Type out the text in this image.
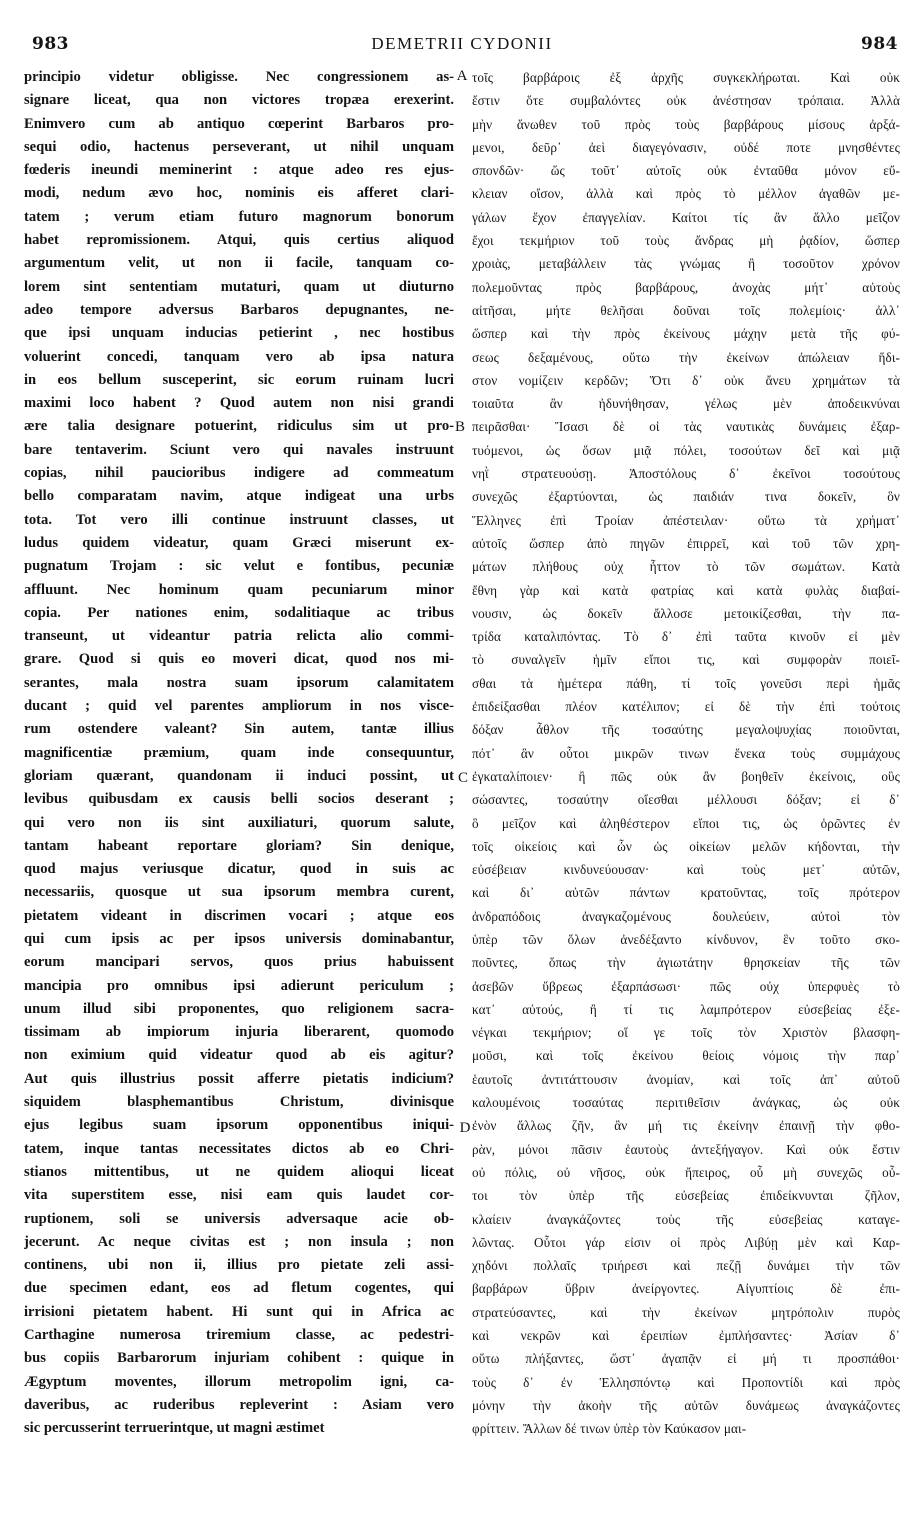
983	DEMETRII CYDONII	984
principio videtur obligisse. Nec congressionem as-
signare liceat, qua non victores tropæa erexerint.
Enimvero cum ab antiquo cœperint Barbaros pro-
sequi odio, hactenus perseverant, ut nihil unquam
fœderis ineundi meminerint : atque adeo res ejus-
modi, nedum ævo hoc, nominis eis afferet clari-
tatem ; verum etiam futuro magnorum bonorum
habet repromissionem. Atqui, quis certius aliquod
argumentum velit, ut non ii facile, tanquam co-
lorem sint sententiam mutaturi, quam ut diuturno
adeo tempore adversus Barbaros depugnantes, ne-
que ipsi unquam inducias petierint , nec hostibus
voluerint concedi, tanquam vero ab ipsa natura
in eos bellum susceperint, sic eorum ruinam lucri
maximi loco habent ? Quod autem non nisi grandi
ære talia designare potuerint, ridiculus sim ut pro-
bare tentaverim. Sciunt vero qui navales instruunt
copias, nihil paucioribus indigere ad commeatum
bello comparatam navim, atque indigeat una urbs
tota. Tot vero illi continue instruunt classes, ut
ludus quidem videatur, quam Græci miserunt ex-
pugnatum Trojam : sic velut e fontibus, pecuniæ
affluunt. Nec hominum quam pecuniarum minor
copia. Per nationes enim, sodalitiaque ac tribus
transeunt, ut videantur patria relicta alio commi-
grare. Quod si quis eo moveri dicat, quod nos mi-
serantes, mala nostra suam ipsorum calamitatem
ducant ; quid vel parentes ampliorum in nos visce-
rum ostendere valeant? Sin autem, tantæ illius
magnificentiæ præmium, quam inde consequuntur,
gloriam quærant, quandonam ii induci possint, ut
levibus quibusdam ex causis belli socios deserant ;
qui vero non iis sint auxiliaturi, quorum salute,
tantam habeant reportare gloriam? Sin denique,
quod majus veriusque dicatur, quod in suis ac
necessariis, quosque ut sua ipsorum membra curent,
pietatem videant in discrimen vocari ; atque eos
qui cum ipsis ac per ipsos universis dominabantur,
eorum mancipari servos, quos prius habuissent
mancipia pro omnibus ipsi adierunt periculum ;
unum illud sibi proponentes, quo religionem sacra-
tissimam ab impiorum injuria liberarent, quomodo
non eximium quid videatur quod ab eis agitur?
Aut quis illustrius possit afferre pietatis indicium?
siquidem blasphemantibus Christum, divinisque
ejus legibus suam ipsorum opponentibus iniqui-
tatem, inque tantas necessitates dictos ab eo Chri-
stianos mittentibus, ut ne quidem alioqui liceat
vita superstitem esse, nisi eam quis laudet cor-
ruptionem, soli se universis adversaque acie ob-
jecerunt. Ac neque civitas est ; non insula ; non
continens, ubi non ii, illius pro pietate zeli assi-
due specimen edant, eos ad fletum cogentes, qui
irrisioni pietatem habent. Hi sunt qui in Africa ac
Carthagine numerosa triremium classe, ac pedestri-
bus copiis Barbarorum injuriam cohibent : quique in
Ægyptum moventes, illorum metropolim igni, ca-
daveribus, ac ruderibus repleverint : Asiam vero
sic percusserint terruerintque, ut magni æstimet
τοῖς βαρβάροις ἐξ ἀρχῆς συγκεκλήρωται. Καὶ οὐκ
ἔστιν ὅτε συμβαλόντες οὐκ ἀνέστησαν τρόπαια. Ἀλλὰ
μὴν ἄνωθεν τοῦ πρὸς τοὺς βαρβάρους μίσους ἀρξά-
μενοι, δεῦρ᾽ ἀεὶ διαγεγόνασιν, οὐδέ ποτε μνησθέντες
σπονδῶν· ὥς τοῦτ᾽ αὐτοῖς οὐκ ἐνταῦθα μόνον εὔ-
κλειαν οἴσον, ἀλλὰ καὶ πρὸς τὸ μέλλον ἀγαθῶν με-
γάλων ἔχον ἐπαγγελίαν. Καίτοι τίς ἂν ἄλλο μεῖζον
ἔχοι τεκμήριον τοῦ τοὺς ἄνδρας μὴ ῥᾳδίον, ὥσπερ
χροιὰς, μεταβάλλειν τὰς γνώμας ἢ τοσοῦτον χρόνον
πολεμοῦντας πρὸς βαρβάρους, ἀνοχὰς μήτ᾽ αὐτοὺς
αἰτῆσαι, μήτε θελῆσαι δοῦναι τοῖς πολεμίοις· ἀλλ᾽
ὥσπερ καὶ τὴν πρὸς ἐκείνους μάχην μετὰ τῆς φύ-
σεως δεξαμένους, οὕτω τὴν ἐκείνων ἀπώλειαν ἥδι-
στον νομίζειν κερδῶν; Ὅτι δ᾽ οὐκ ἄνευ χρημάτων τὰ
τοιαῦτα ἂν ἠδυνήθησαν, γέλως μὲν ἀποδεικνύναι
πειρᾶσθαι· Ἴσασι δὲ οἱ τὰς ναυτικὰς δυνάμεις ἐξαρ-
τυόμενοι, ὡς ὅσων μιᾷ πόλει, τοσούτων δεῖ καὶ μιᾷ
νηῒ στρατευούσῃ. Ἀποστόλους δ᾽ ἐκεῖνοι τοσούτους
συνεχῶς ἐξαρτύονται, ὡς παιδιάν τινα δοκεῖν, ὃν
Ἕλληνες ἐπὶ Τροίαν ἀπέστειλαν· οὕτω τὰ χρήματ᾽
αὐτοῖς ὥσπερ ἀπὸ πηγῶν ἐπιρρεῖ, καὶ τοῦ τῶν χρη-
μάτων πλήθους οὐχ ἧττον τὸ τῶν σωμάτων. Κατὰ
ἔθνη γὰρ καὶ κατὰ φατρίας καὶ κατὰ φυλὰς διαβαί-
νουσιν, ὡς δοκεῖν ἄλλοσε μετοικίζεσθαι, τὴν πα-
τρίδα καταλιπόντας. Τὸ δ᾽ ἐπὶ ταῦτα κινοῦν εἰ μὲν
τὸ συναλγεῖν ἡμῖν εἴποι τις, καὶ συμφορὰν ποιεῖ-
σθαι τὰ ἡμέτερα πάθη, τί τοῖς γονεῦσι περὶ ἡμᾶς
ἐπιδείξασθαι πλέον κατέλιπον; εἰ δὲ τὴν ἐπὶ τούτοις
δόξαν ἆθλον τῆς τοσαύτης μεγαλοψυχίας ποιοῦνται,
πότ᾽ ἂν οὗτοι μικρῶν τινων ἕνεκα τοὺς συμμάχους
ἐγκαταλίποιεν· ἢ πῶς οὐκ ἂν βοηθεῖν ἐκείνοις, οὓς
σώσαντες, τοσαύτην οἴεσθαι μέλλουσι δόξαν; εἰ δ᾽
ὃ μεῖζον καὶ ἀληθέστερον εἴποι τις, ὡς ὁρῶντες ἐν
τοῖς οἰκείοις καὶ ὧν ὡς οἰκείων μελῶν κήδονται, τὴν
εὐσέβειαν κινδυνεύουσαν· καὶ τοὺς μετ᾽ αὐτῶν,
καὶ δι᾽ αὐτῶν πάντων κρατοῦντας, τοῖς πρότερον
ἀνδραπόδοις ἀναγκαζομένους δουλεύειν, αὐτοὶ τὸν
ὑπὲρ τῶν ὅλων ἀνεδέξαντο κίνδυνον, ἓν τοῦτο σκο-
ποῦντες, ὅπως τὴν ἁγιωτάτην θρησκείαν τῆς τῶν
ἀσεβῶν ὕβρεως ἐξαρπάσωσι· πῶς οὐχ ὑπερφυὲς τὸ
κατ᾽ αὐτούς, ἢ τί τις λαμπρότερον εὐσεβείας ἐξε-
νέγκαι τεκμήριον; οἵ γε τοῖς τὸν Χριστὸν βλασφη-
μοῦσι, καὶ τοῖς ἐκείνου θείοις νόμοις τὴν παρ᾽
ἑαυτοῖς ἀντιτάττουσιν ἀνομίαν, καὶ τοῖς ἀπ᾽ αὐτοῦ
καλουμένοις τοσαύτας περιτιθεῖσιν ἀνάγκας, ὡς οὐκ
ἐνὸν ἄλλως ζῆν, ἂν μή τις ἐκείνην ἐπαινῇ τὴν φθο-
ρὰν, μόνοι πᾶσιν ἑαυτοὺς ἀντεξήγαγον. Καὶ οὐκ ἔστιν
οὐ πόλις, οὐ νῆσος, οὐκ ἤπειρος, οὗ μὴ συνεχῶς οὗ-
τοι τὸν ὑπὲρ τῆς εὐσεβείας ἐπιδείκνυνται ζῆλον,
κλαίειν ἀναγκάζοντες τοὺς τῆς εὐσεβείας καταγε-
λῶντας. Οὗτοι γάρ εἰσιν οἱ πρὸς Λιβύῃ μὲν καὶ Καρ-
χηδόνι πολλαῖς τριήρεσι καὶ πεζῇ δυνάμει τὴν τῶν
βαρβάρων ὕβριν ἀνείργοντες. Αἰγυπτίοις δὲ ἐπι-
στρατεύσαντες, καὶ τὴν ἐκείνων μητρόπολιν πυρὸς
καὶ νεκρῶν καὶ ἐρειπίων ἐμπλήσαντες· Ἀσίαν δ᾽
οὕτω πλήξαντες, ὥστ᾽ ἀγαπᾷν εἰ μή τι προσπάθοι·
τοὺς δ᾽ ἐν Ἑλλησπόντῳ καὶ Προποντίδι καὶ πρὸς
μόνην τὴν ἀκοὴν τῆς αὐτῶν δυνάμεως ἀναγκάζοντες
φρίττειν. Ἄλλων δέ τινων ὑπὲρ τὸν Καύκασον μαι-
A
B
C
D
